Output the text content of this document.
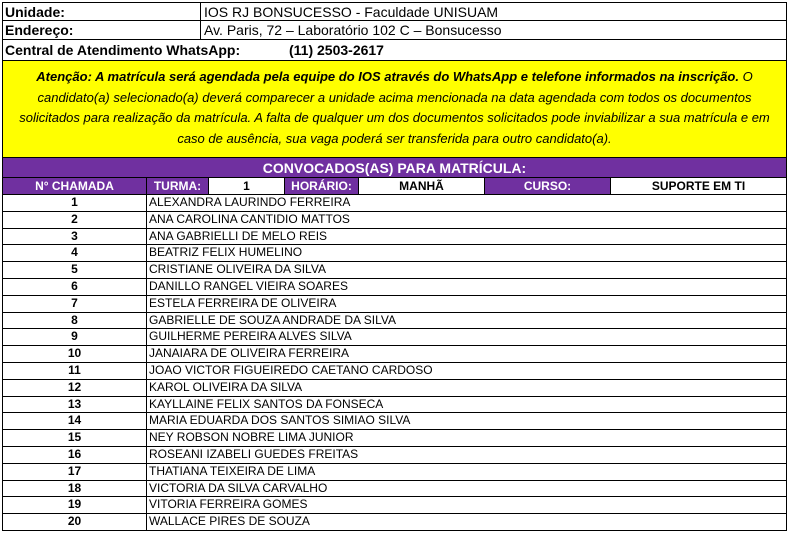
Unidade:	IOS RJ BONSUCESSO - Faculdade UNISUAM
Endereço:	Av. Paris, 72 – Laboratório 102 C – Bonsucesso
Central de Atendimento WhatsApp:	(11) 2503-2617
Atenção: A matrícula será agendada pela equipe do IOS através do WhatsApp e telefone informados na inscrição. O candidato(a) selecionado(a) deverá comparecer a unidade acima mencionada na data agendada com todos os documentos solicitados para realização da matrícula. A falta de qualquer um dos documentos solicitados pode inviabilizar a sua matrícula e em caso de ausência, sua vaga poderá ser transferida para outro candidato(a).
CONVOCADOS(AS) PARA MATRÍCULA:
N° CHAMADA	TURMA:	1	HORÁRIO:	MANHÃ	CURSO:	SUPORTE EM TI
1	ALEXANDRA LAURINDO FERREIRA
2	ANA CAROLINA CANTIDIO MATTOS
3	ANA GABRIELLI DE MELO REIS
4	BEATRIZ FELIX HUMELINO
5	CRISTIANE OLIVEIRA DA SILVA
6	DANILLO RANGEL VIEIRA SOARES
7	ESTELA FERREIRA DE OLIVEIRA
8	GABRIELLE DE SOUZA ANDRADE DA SILVA
9	GUILHERME PEREIRA ALVES SILVA
10	JANAIARA DE OLIVEIRA FERREIRA
11	JOAO VICTOR FIGUEIREDO CAETANO CARDOSO
12	KAROL OLIVEIRA DA SILVA
13	KAYLLAINE FELIX SANTOS DA FONSECA
14	MARIA EDUARDA DOS SANTOS SIMIAO SILVA
15	NEY ROBSON NOBRE LIMA JUNIOR
16	ROSEANI IZABELI GUEDES FREITAS
17	THATIANA TEIXEIRA DE LIMA
18	VICTORIA DA SILVA CARVALHO
19	VITORIA FERREIRA GOMES
20	WALLACE PIRES DE SOUZA
